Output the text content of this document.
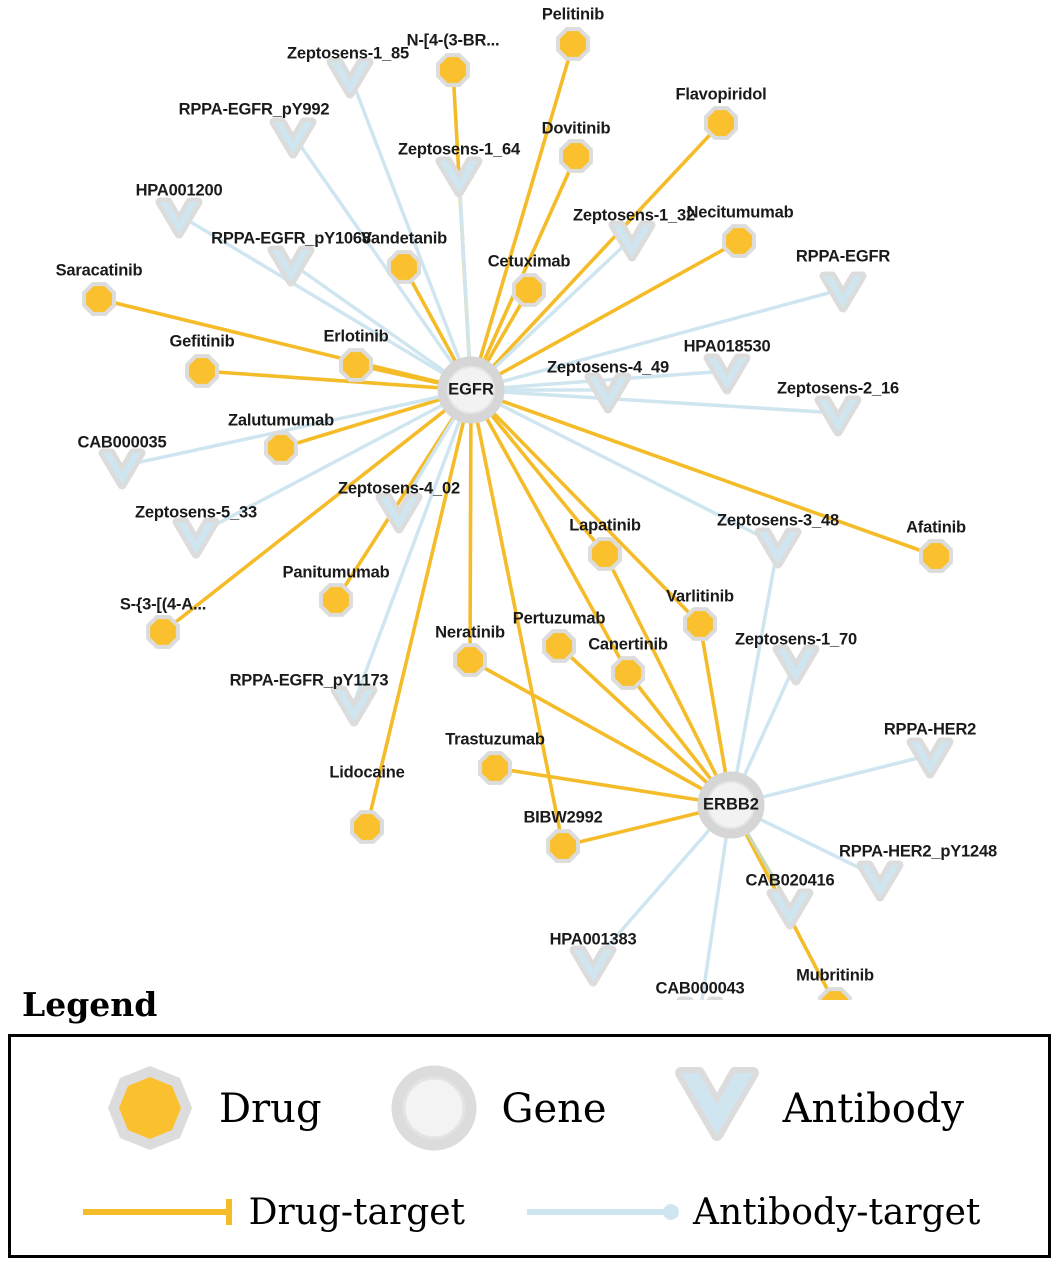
Pelitinib
N-[4-(3-BR...
Flavopiridol
Dovitinib
Necitumumab
Vandetanib
Cetuximab
Saracatinib
Erlotinib
Gefitinib
Zalutumumab
Afatinib
Lapatinib
Panitumumab
S-{3-[(4-A...	Varlitinib
Pertuzumab
Neratinib
Canertinib
Trastuzumab
Lidocaine
BIBW2992
Mubritinib
Zeptosens-1_85
RPPA-EGFR_pY992
Zeptosens-1_64
HPA001200
Zeptosens-1_32
RPPA-EGFR_pY1068
RPPA-EGFR
HPA018530
Zeptosens-4_49
Zeptosens-2_16
CAB000035
Zeptosens-4_02
Zeptosens-5_33	Zeptosens-3_48
Zeptosens-1_70
RPPA-EGFR_pY1173
RPPA-HER2
RPPA-HER2_pY1248
CAB020416
HPA001383
CAB000043
EGFR
ERBB2
Legend
Drug	Gene	Antibody
Drug-target	Antibody-target
